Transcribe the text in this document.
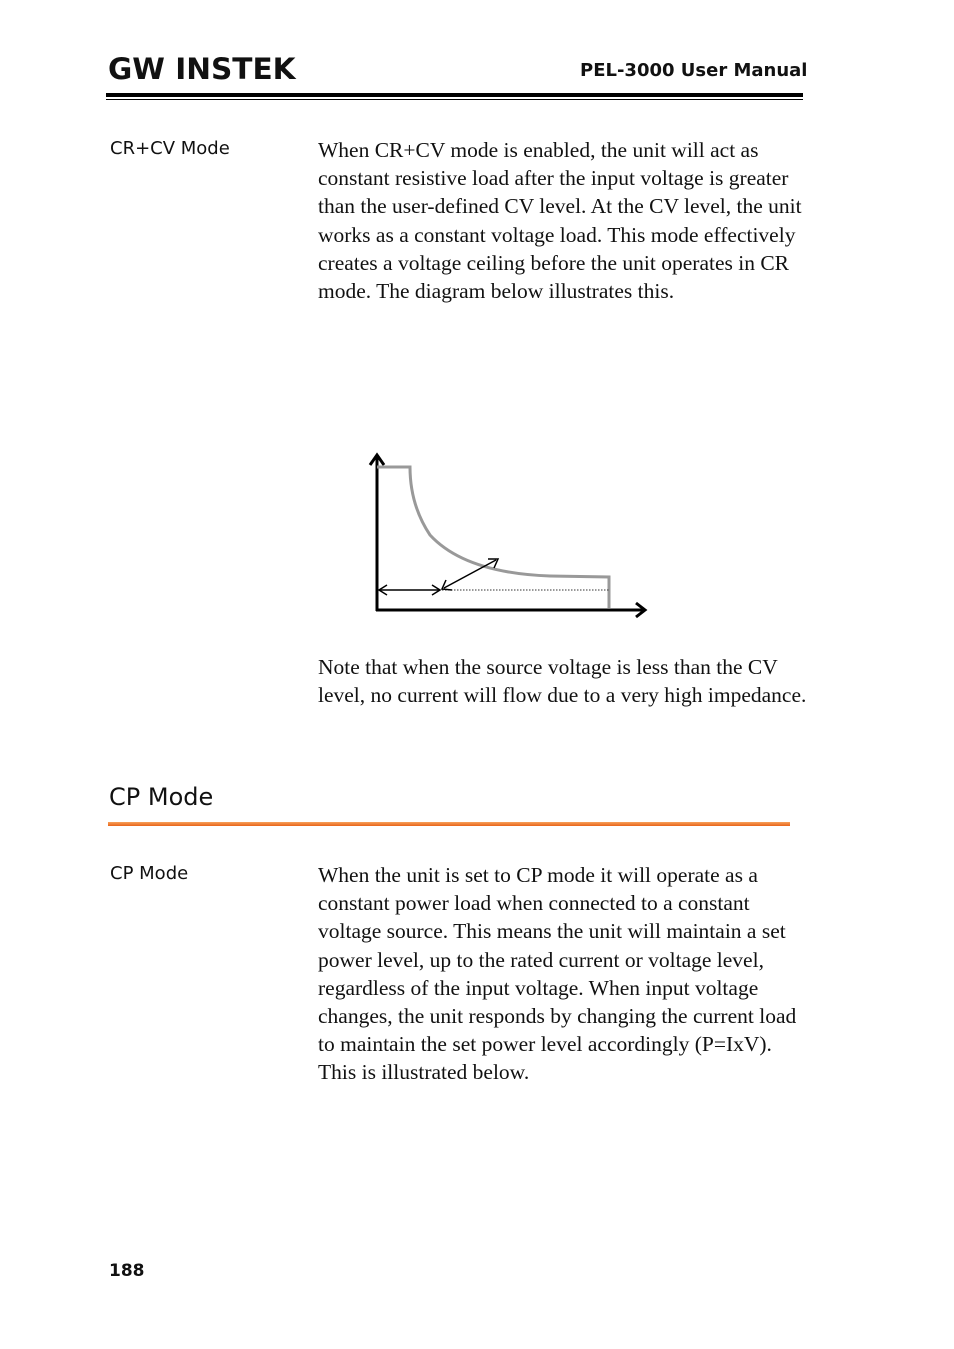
GW INSTEK	PEL-3000 User Manual
CR+CV Mode	When CR+CV mode is enabled, the unit will act as constant resistive load after the input voltage is greater than the user-defined CV level. At the CV level, the unit works as a constant voltage load. This mode effectively creates a voltage ceiling before the unit operates in CR mode. The diagram below illustrates this.
Note that when the source voltage is less than the CV level, no current will flow due to a very high impedance.
CP Mode
CP Mode	When the unit is set to CP mode it will operate as a constant power load when connected to a constant voltage source. This means the unit will maintain a set power level, up to the rated current or voltage level, regardless of the input voltage. When input voltage changes, the unit responds by changing the current load to maintain the set power level accordingly (P=IxV). This is illustrated below.
188
